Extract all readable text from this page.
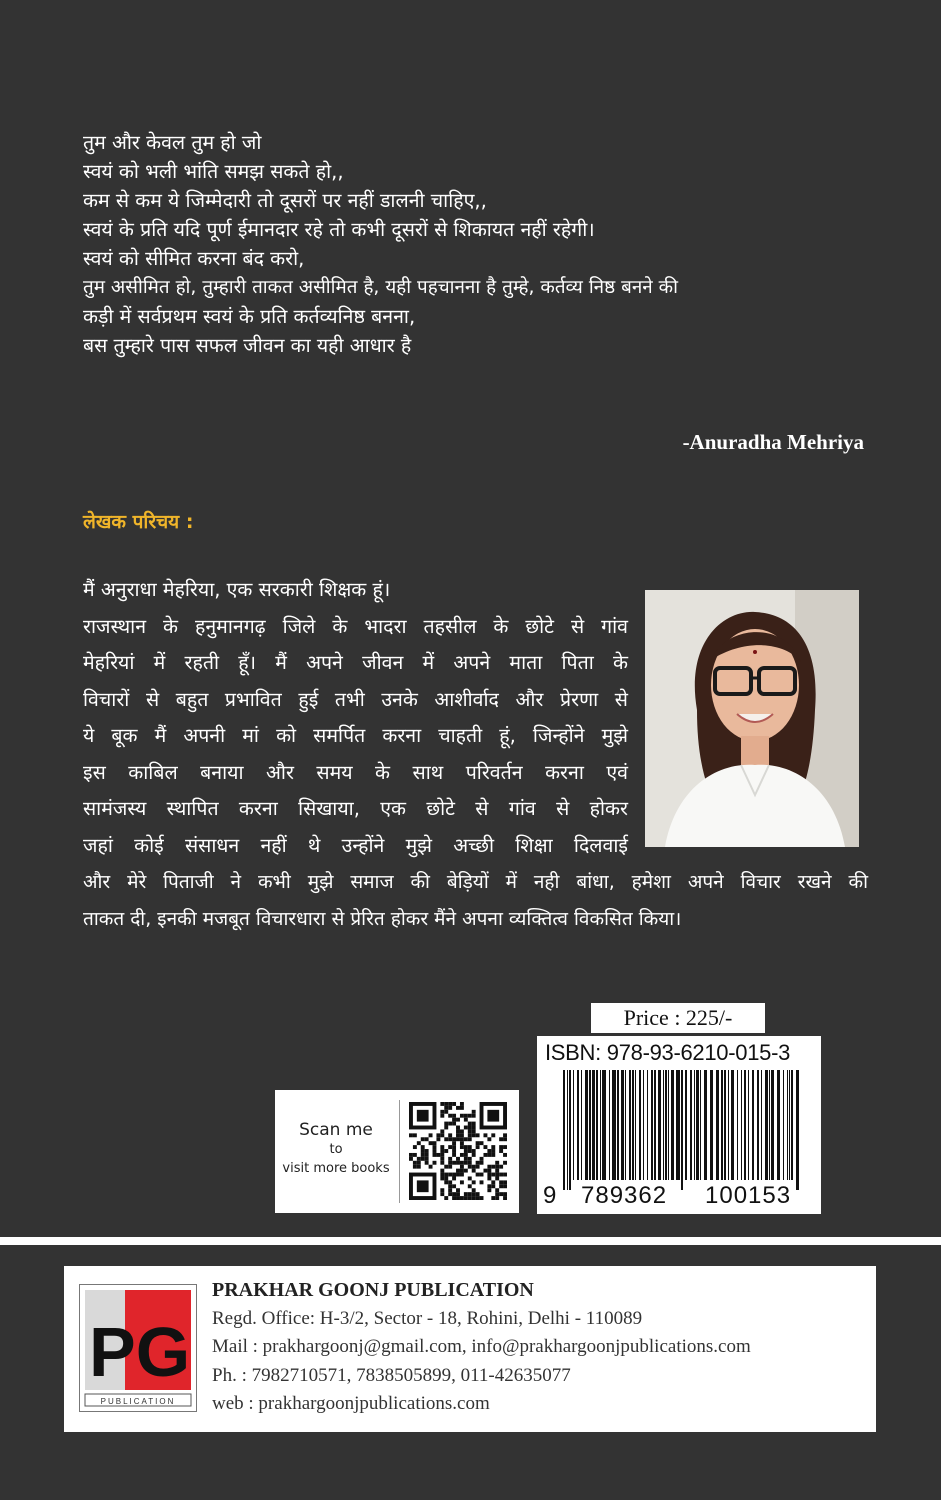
तुम और केवल तुम हो जो
स्वयं को भली भांति समझ सकते हो,,
कम से कम ये जिम्मेदारी तो दूसरों पर नहीं डालनी चाहिए,,
स्वयं के प्रति यदि पूर्ण ईमानदार रहे तो कभी दूसरों से शिकायत नहीं रहेगी।
स्वयं को सीमित करना बंद करो,
तुम असीमित हो, तुम्हारी ताकत असीमित है, यही पहचानना है तुम्हे, कर्तव्य निष्ठ बनने की
कड़ी में सर्वप्रथम स्वयं के प्रति कर्तव्यनिष्ठ बनना,
बस तुम्हारे पास सफल जीवन का यही आधार है
-Anuradha Mehriya
लेखक परिचय :
मैं अनुराधा मेहरिया, एक सरकारी शिक्षक हूं।
राजस्थान के हनुमानगढ़ जिले के भादरा तहसील के छोटे से गांव
मेहरियां में रहती हूँ। मैं अपने जीवन में अपने माता पिता के
विचारों से बहुत प्रभावित हुई तभी उनके आशीर्वाद और प्रेरणा से
ये बूक मैं अपनी मां को समर्पित करना चाहती हूं, जिन्होंने मुझे
इस काबिल बनाया और समय के साथ परिवर्तन करना एवं
सामंजस्य स्थापित करना सिखाया, एक छोटे से गांव से होकर
जहां कोई संसाधन नहीं थे उन्होंने मुझे अच्छी शिक्षा दिलवाई
और मेरे पिताजी ने कभी मुझे समाज की बेड़ियों में नही बांधा, हमेशा अपने विचार रखने की
ताकत दी, इनकी मजबूत विचारधारा से प्रेरित होकर मैंने अपना व्यक्तित्व विकसित किया।
Price : 225/-
ISBN: 978-93-6210-015-3
9 789362 100153
Scan me
to
visit more books
PG
PUBLICATION
PRAKHAR GOONJ PUBLICATION
Regd. Office: H-3/2, Sector - 18, Rohini, Delhi - 110089
Mail : prakhargoonj@gmail.com, info@prakhargoonjpublications.com
Ph. : 7982710571, 7838505899, 011-42635077
web : prakhargoonjpublications.com
